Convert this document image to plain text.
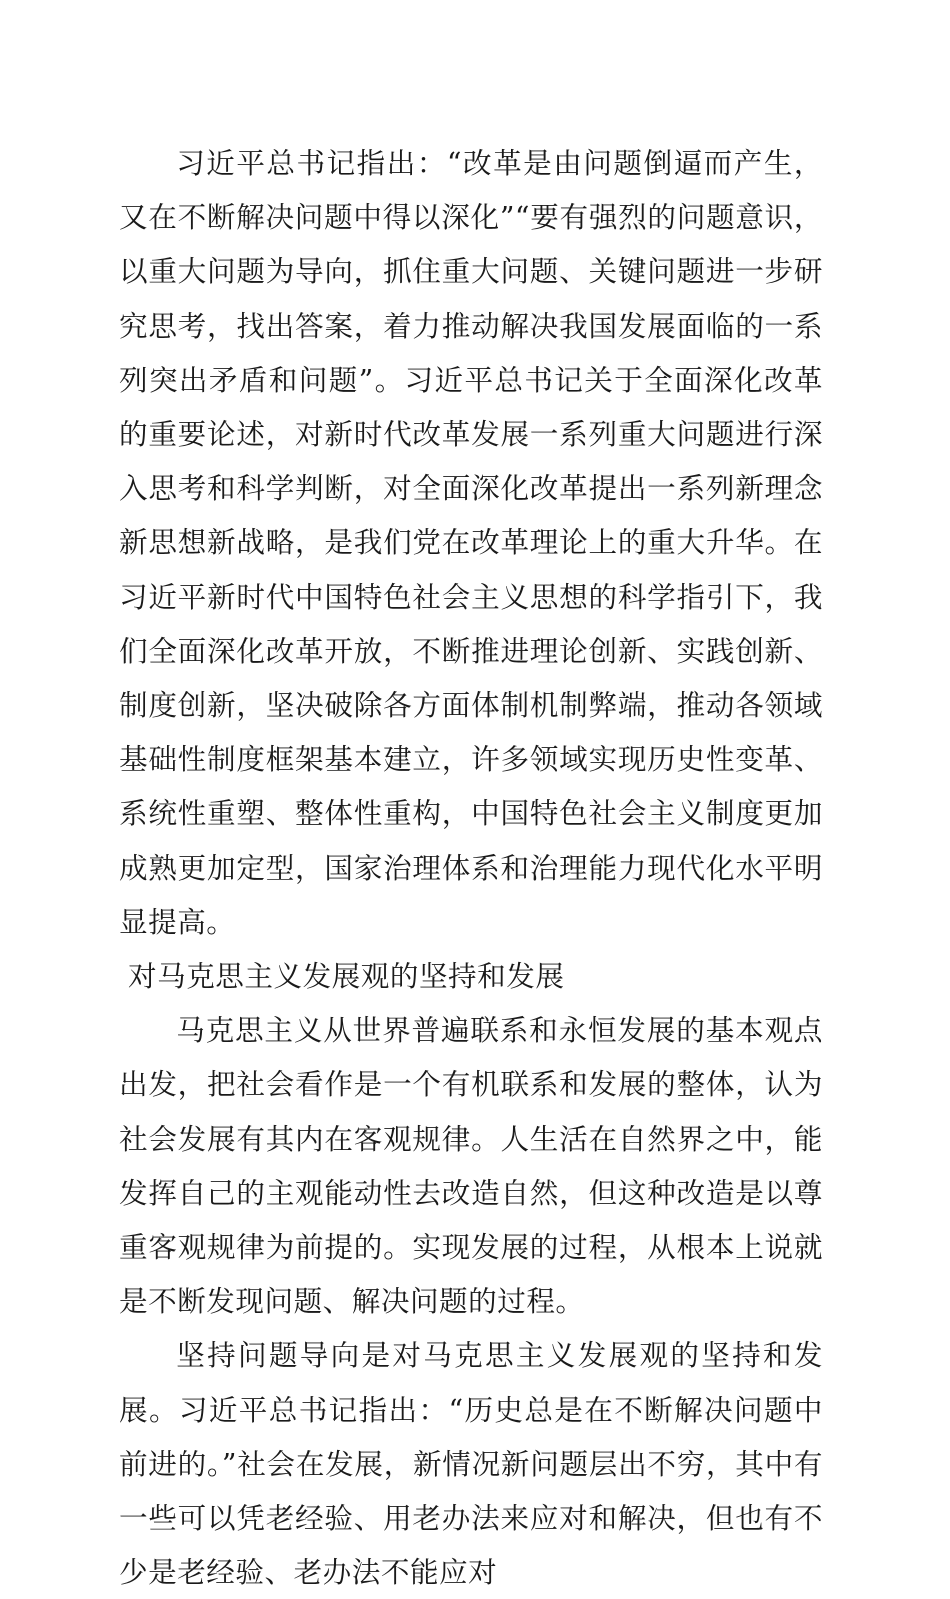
习近平总书记指出：“改革是由问题倒逼而产生，又在不断解决问题中得以深化”“要有强烈的问题意识，以重大问题为导向，抓住重大问题、关键问题进一步研究思考，找出答案，着力推动解决我国发展面临的一系列突出矛盾和问题”。习近平总书记关于全面深化改革的重要论述，对新时代改革发展一系列重大问题进行深入思考和科学判断，对全面深化改革提出一系列新理念新思想新战略，是我们党在改革理论上的重大升华。在习近平新时代中国特色社会主义思想的科学指引下，我们全面深化改革开放，不断推进理论创新、实践创新、制度创新，坚决破除各方面体制机制弊端，推动各领域基础性制度框架基本建立，许多领域实现历史性变革、系统性重塑、整体性重构，中国特色社会主义制度更加成熟更加定型，国家治理体系和治理能力现代化水平明显提高。

对马克思主义发展观的坚持和发展

马克思主义从世界普遍联系和永恒发展的基本观点出发，把社会看作是一个有机联系和发展的整体，认为社会发展有其内在客观规律。人生活在自然界之中，能发挥自己的主观能动性去改造自然，但这种改造是以尊重客观规律为前提的。实现发展的过程，从根本上说就是不断发现问题、解决问题的过程。

坚持问题导向是对马克思主义发展观的坚持和发展。习近平总书记指出：“历史总是在不断解决问题中前进的。”社会在发展，新情况新问题层出不穷，其中有一些可以凭老经验、用老办法来应对和解决，但也有不少是老经验、老办法不能应对
